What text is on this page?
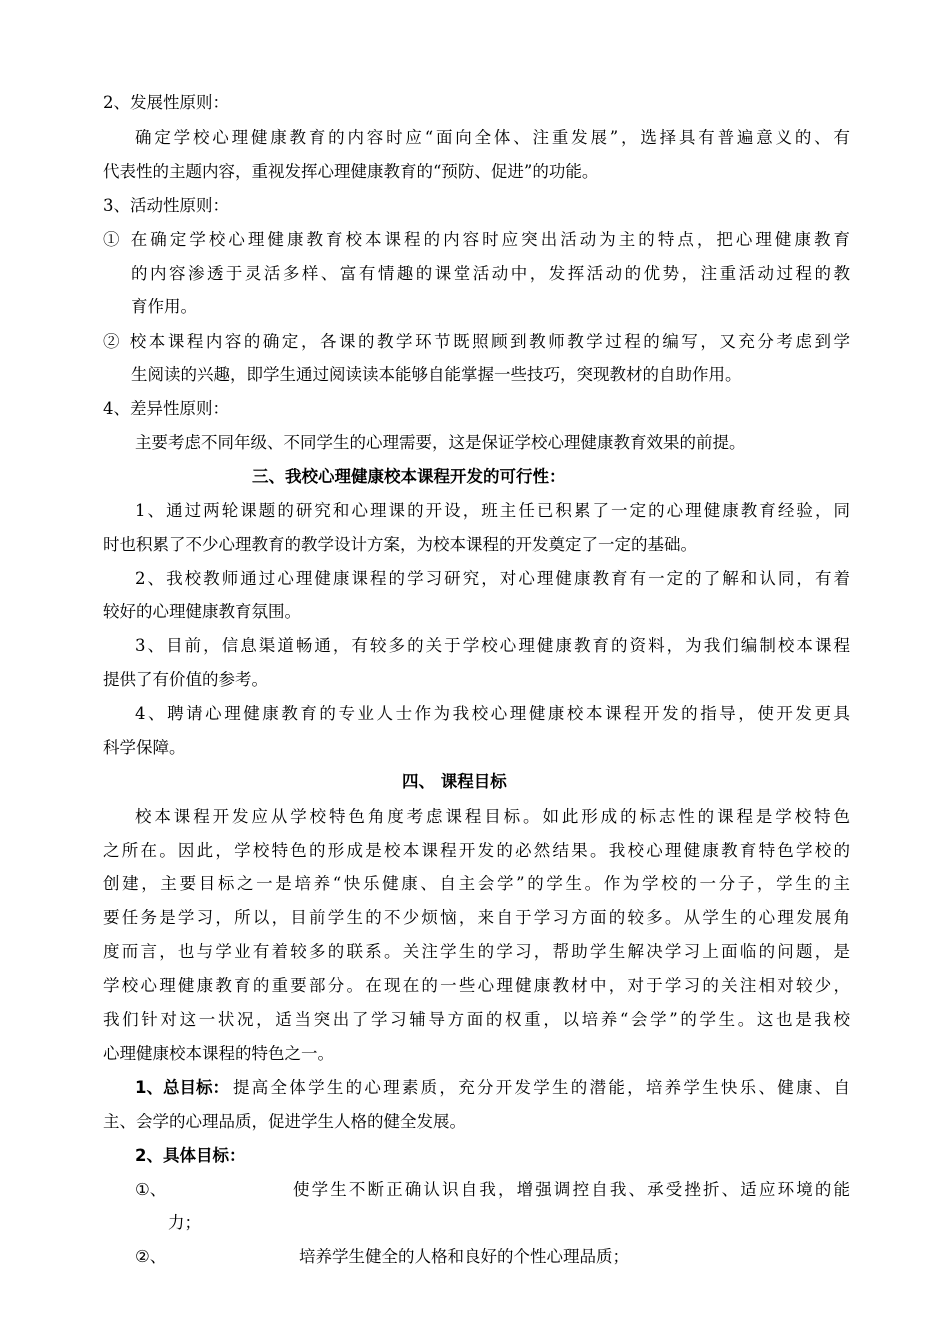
2、发展性原则：
确定学校心理健康教育的内容时应“面向全体、注重发展”，选择具有普遍意义的、有
代表性的主题内容，重视发挥心理健康教育的“预防、促进”的功能。
3、活动性原则：
① 在确定学校心理健康教育校本课程的内容时应突出活动为主的特点，把心理健康教育
的内容渗透于灵活多样、富有情趣的课堂活动中，发挥活动的优势，注重活动过程的教
育作用。
② 校本课程内容的确定，各课的教学环节既照顾到教师教学过程的编写，又充分考虑到学
生阅读的兴趣，即学生通过阅读读本能够自能掌握一些技巧，突现教材的自助作用。
4、差异性原则：
主要考虑不同年级、不同学生的心理需要，这是保证学校心理健康教育效果的前提。
三、我校心理健康校本课程开发的可行性：
1、通过两轮课题的研究和心理课的开设，班主任已积累了一定的心理健康教育经验，同
时也积累了不少心理教育的教学设计方案，为校本课程的开发奠定了一定的基础。
2、我校教师通过心理健康课程的学习研究，对心理健康教育有一定的了解和认同，有着
较好的心理健康教育氛围。
3、目前，信息渠道畅通，有较多的关于学校心理健康教育的资料，为我们编制校本课程
提供了有价值的参考。
4、聘请心理健康教育的专业人士作为我校心理健康校本课程开发的指导，使开发更具
科学保障。
四、 课程目标
校本课程开发应从学校特色角度考虑课程目标。如此形成的标志性的课程是学校特色
之所在。因此，学校特色的形成是校本课程开发的必然结果。我校心理健康教育特色学校的
创建，主要目标之一是培养“快乐健康、自主会学”的学生。作为学校的一分子，学生的主
要任务是学习，所以，目前学生的不少烦恼，来自于学习方面的较多。从学生的心理发展角
度而言，也与学业有着较多的联系。关注学生的学习，帮助学生解决学习上面临的问题，是
学校心理健康教育的重要部分。在现在的一些心理健康教材中，对于学习的关注相对较少，
我们针对这一状况，适当突出了学习辅导方面的权重，以培养“会学”的学生。这也是我校
心理健康校本课程的特色之一。
1、总目标： 提高全体学生的心理素质，充分开发学生的潜能，培养学生快乐、健康、自
主、会学的心理品质，促进学生人格的健全发展。
2、具体目标：
①、	使学生不断正确认识自我，增强调控自我、承受挫折、适应环境的能
力；
②、	培养学生健全的人格和良好的个性心理品质；
